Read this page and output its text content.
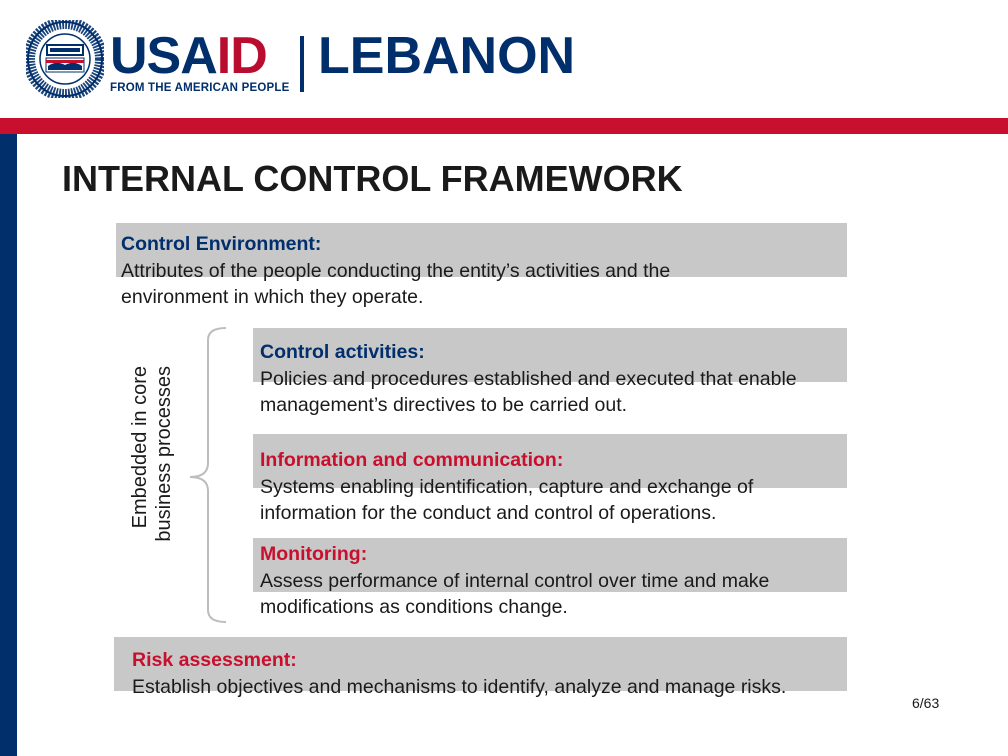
USAID LEBANON
FROM THE AMERICAN PEOPLE
INTERNAL CONTROL FRAMEWORK
Control Environment:
Attributes of the people conducting the entity’s activities and the environment in which they operate.
Embedded in core business processes
Control activities:
Policies and procedures established and executed that enable management’s directives to be carried out.
Information and communication:
Systems enabling identification, capture and exchange of information for the conduct and control of operations.
Monitoring:
Assess performance of internal control over time and make modifications as conditions change.
Risk assessment:
Establish objectives and mechanisms to identify, analyze and manage risks.
6/63
